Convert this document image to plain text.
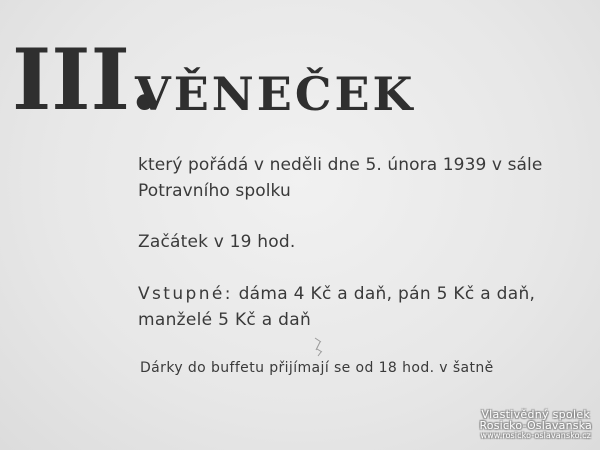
III.
VĚNEČEK
který pořádá v neděli dne 5. února 1939 v sále
Potravního spolku
Začátek v 19 hod.
Vstupné: dáma 4 Kč a daň, pán 5 Kč a daň,
manželé 5 Kč a daň
Dárky do buffetu přijímají se od 18 hod. v šatně
Vlastivědný spolek
Rosicko-Oslavanska
www.rosicko-oslavansko.cz
